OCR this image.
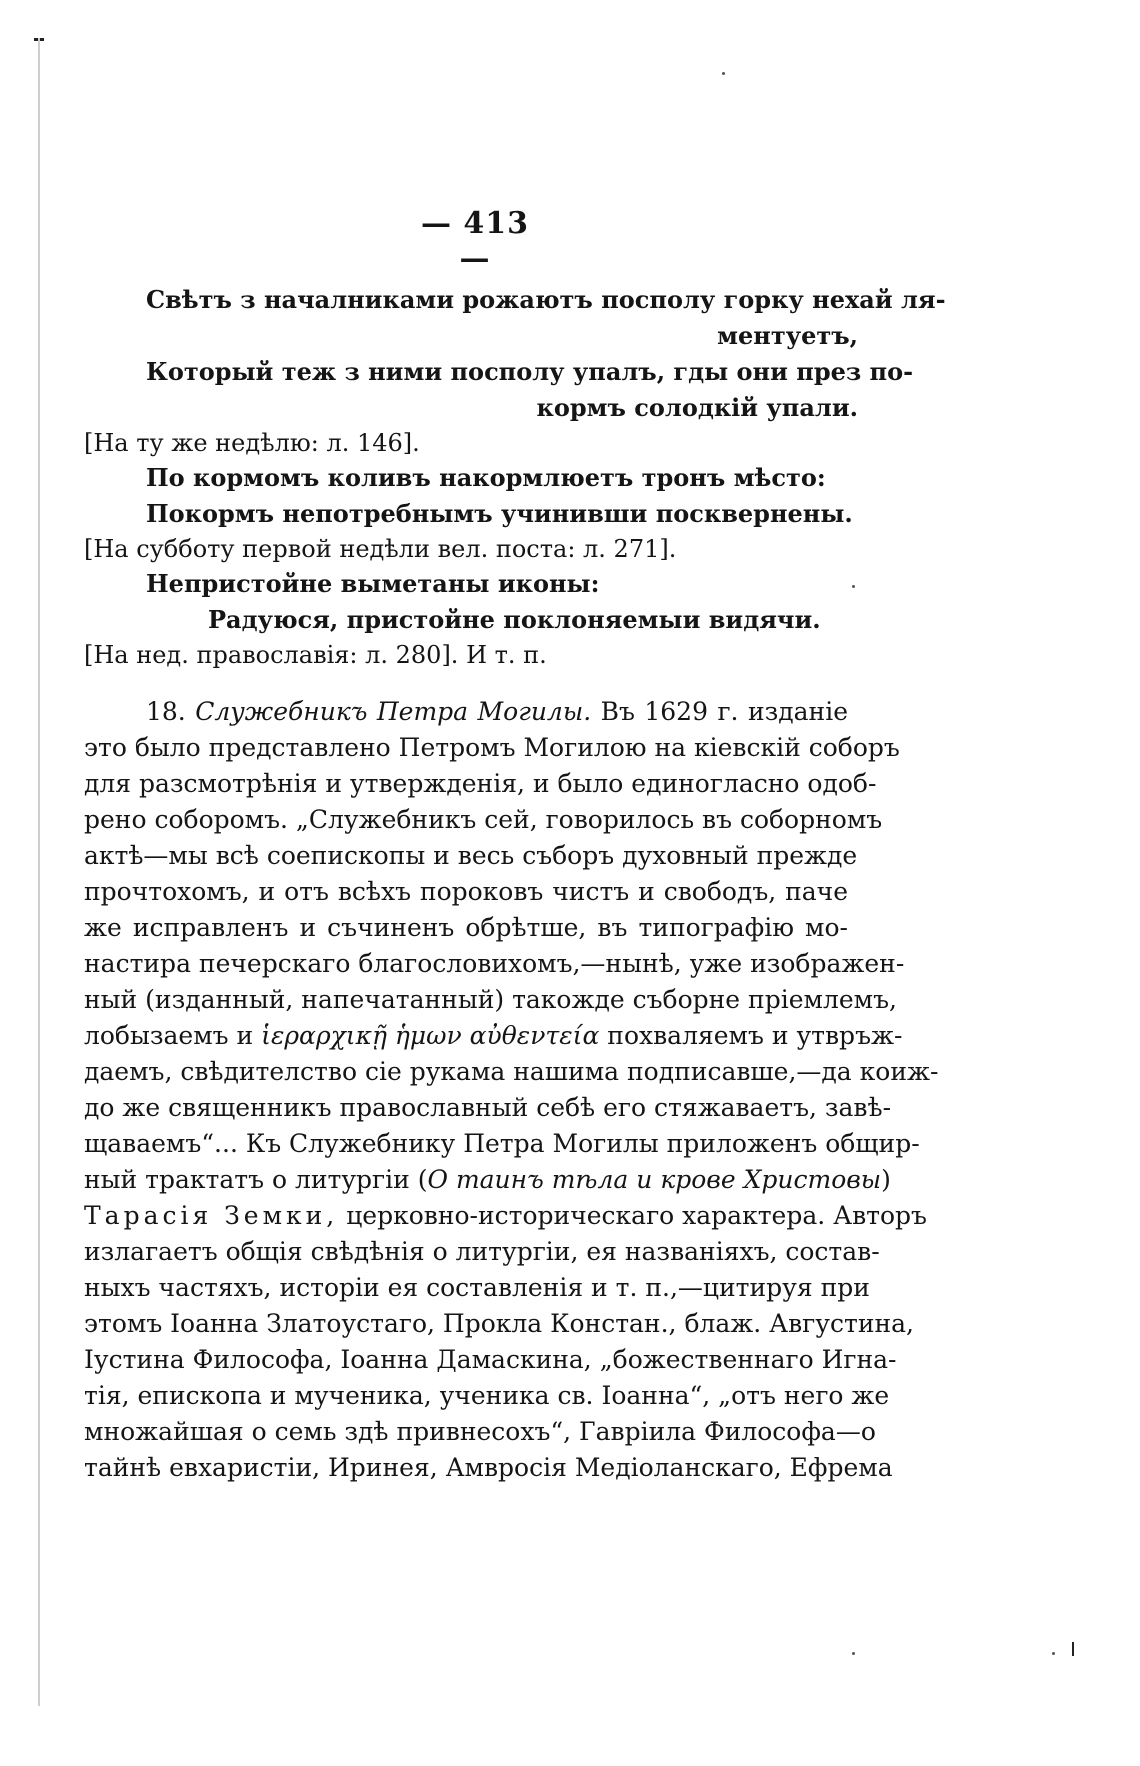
— 413 —
Свѣтъ з началниками рожаютъ посполу горку нехай ля-
ментуетъ,
Который теж з ними посполу упалъ, гды они през по-
кормъ солодкій упали.
[На ту же недѣлю: л. 146].
По кормомъ коливъ накормлюетъ тронъ мѣсто:
Покормъ непотребнымъ учинивши посквернены.
[На субботу первой недѣли вел. поста: л. 271].
Непристойне выметаны иконы:
Радуюся, пристойне поклоняемыи видячи.
[На нед. православія: л. 280]. И т. п.
18. Служебникъ Петра Могилы. Въ 1629 г. изданіе
это было представлено Петромъ Могилою на кіевскій соборъ
для разсмотрѣнія и утвержденія, и было единогласно одоб-
рено соборомъ. „Служебникъ сей, говорилось въ соборномъ
актѣ—мы всѣ соепископы и весь съборъ духовный прежде
прочтохомъ, и отъ всѣхъ пороковъ чистъ и свободъ, паче
же исправленъ и съчиненъ обрѣтше, въ типографію мо-
настира печерскаго благословихомъ,—нынѣ, уже изображен-
ный (изданный, напечатанный) такожде съборне пріемлемъ,
лобызаемъ и ἱεραρχικῇ ἡμων αὐθεντεία похваляемъ и утвръж-
даемъ, свѣдителство сіе рукама нашима подписавше,—да коиж-
до же священникъ православный себѣ его стяжаваетъ, завѣ-
щаваемъ“... Къ Служебнику Петра Могилы приложенъ общир-
ный трактатъ о литургіи (О таинъ тѣла и крове Христовы)
Тарасія Земки, церковно-историческаго характера. Авторъ
излагаетъ общія свѣдѣнія о литургіи, ея названіяхъ, состав-
ныхъ частяхъ, исторіи ея составленія и т. п.,—цитируя при
этомъ Іоанна Златоустаго, Прокла Констан., блаж. Августина,
Іустина Философа, Іоанна Дамаскина, „божественнаго Игна-
тія, епископа и мученика, ученика св. Іоанна“, „отъ него же
множайшая о семь здѣ привнесохъ“, Гавріила Философа—о
тайнѣ евхаристіи, Иринея, Амвросія Медіоланскаго, Ефрема
